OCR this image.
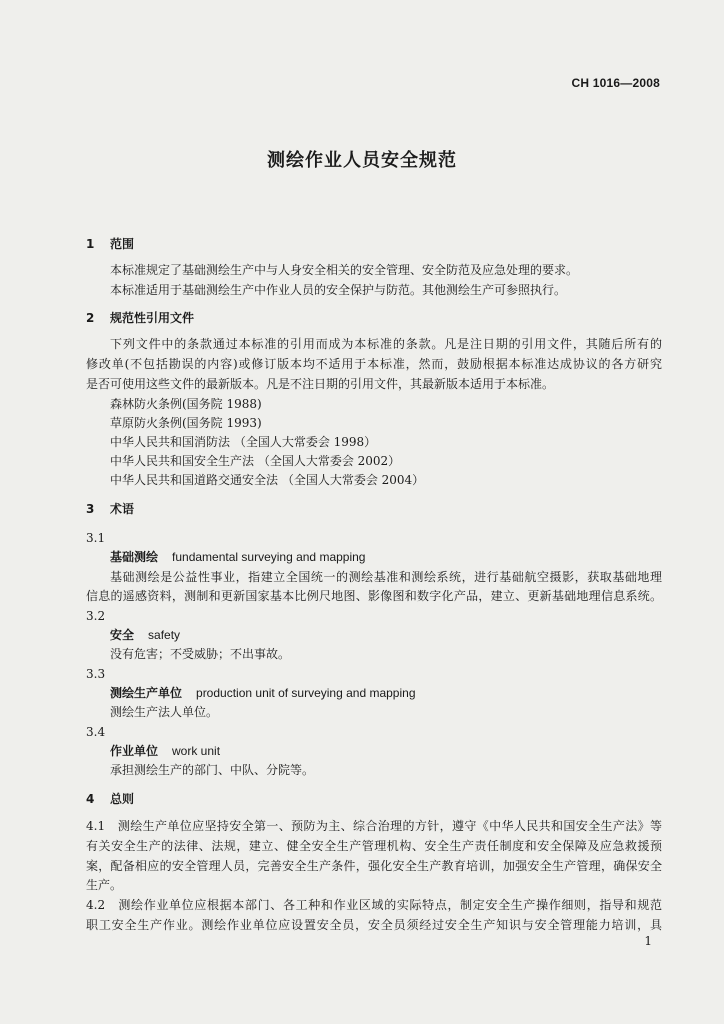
CH 1016—2008
测绘作业人员安全规范
1 范围
本标准规定了基础测绘生产中与人身安全相关的安全管理、安全防范及应急处理的要求。
本标准适用于基础测绘生产中作业人员的安全保护与防范。其他测绘生产可参照执行。
2 规范性引用文件
下列文件中的条款通过本标准的引用而成为本标准的条款。凡是注日期的引用文件，其随后所有的
修改单(不包括勘误的内容)或修订版本均不适用于本标准，然而，鼓励根据本标准达成协议的各方研究
是否可使用这些文件的最新版本。凡是不注日期的引用文件，其最新版本适用于本标准。
森林防火条例(国务院 1988)
草原防火条例(国务院 1993)
中华人民共和国消防法 （全国人大常委会 1998）
中华人民共和国安全生产法 （全国人大常委会 2002）
中华人民共和国道路交通安全法 （全国人大常委会 2004）
3 术语
3.1
基础测绘 fundamental surveying and mapping
基础测绘是公益性事业，指建立全国统一的测绘基准和测绘系统，进行基础航空摄影，获取基础地理
信息的遥感资料，测制和更新国家基本比例尺地图、影像图和数字化产品，建立、更新基础地理信息系统。
3.2
安全 safety
没有危害；不受威胁；不出事故。
3.3
测绘生产单位 production unit of surveying and mapping
测绘生产法人单位。
3.4
作业单位 work unit
承担测绘生产的部门、中队、分院等。
4 总则
4.1　测绘生产单位应坚持安全第一、预防为主、综合治理的方针，遵守《中华人民共和国安全生产法》等
有关安全生产的法律、法规，建立、健全安全生产管理机构、安全生产责任制度和安全保障及应急救援预
案，配备相应的安全管理人员，完善安全生产条件，强化安全生产教育培训，加强安全生产管理，确保安全
生产。
4.2　测绘作业单位应根据本部门、各工种和作业区域的实际特点，制定安全生产操作细则，指导和规范
职工安全生产作业。测绘作业单位应设置安全员，安全员须经过安全生产知识与安全管理能力培训，具
1
